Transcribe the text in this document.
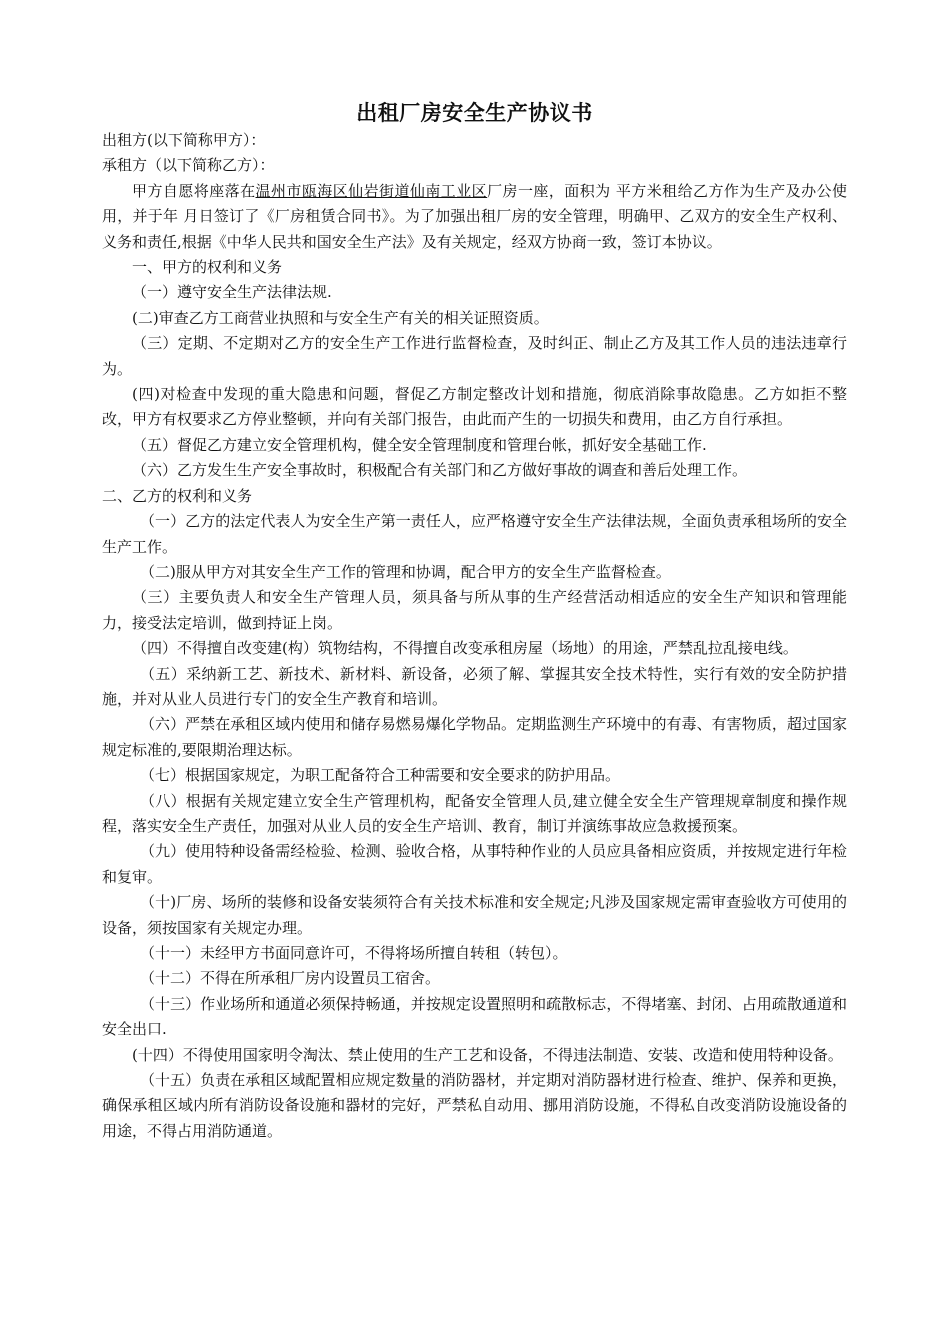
出租厂房安全生产协议书

出租方(以下简称甲方）：

承租方（以下简称乙方）：

甲方自愿将座落在温州市瓯海区仙岩街道仙南工业区厂房一座，面积为 平方米租给乙方作为生产及办公使用，并于年 月日签订了《厂房租赁合同书》。为了加强出租厂房的安全管理，明确甲、乙双方的安全生产权利、义务和责任,根据《中华人民共和国安全生产法》及有关规定，经双方协商一致，签订本协议。

一、甲方的权利和义务

（一）遵守安全生产法律法规.

(二)审查乙方工商营业执照和与安全生产有关的相关证照资质。

（三）定期、不定期对乙方的安全生产工作进行监督检查，及时纠正、制止乙方及其工作人员的违法违章行为。

(四)对检查中发现的重大隐患和问题，督促乙方制定整改计划和措施，彻底消除事故隐患。乙方如拒不整改，甲方有权要求乙方停业整顿，并向有关部门报告，由此而产生的一切损失和费用，由乙方自行承担。

（五）督促乙方建立安全管理机构，健全安全管理制度和管理台帐，抓好安全基础工作.

（六）乙方发生生产安全事故时，积极配合有关部门和乙方做好事故的调查和善后处理工作。

二、乙方的权利和义务

（一）乙方的法定代表人为安全生产第一责任人，应严格遵守安全生产法律法规，全面负责承租场所的安全生产工作。

（二)服从甲方对其安全生产工作的管理和协调，配合甲方的安全生产监督检查。

（三）主要负责人和安全生产管理人员，须具备与所从事的生产经营活动相适应的安全生产知识和管理能力，接受法定培训，做到持证上岗。

（四）不得擅自改变建(构）筑物结构，不得擅自改变承租房屋（场地）的用途，严禁乱拉乱接电线。

（五）采纳新工艺、新技术、新材料、新设备，必须了解、掌握其安全技术特性，实行有效的安全防护措施，并对从业人员进行专门的安全生产教育和培训。

（六）严禁在承租区域内使用和储存易燃易爆化学物品。定期监测生产环境中的有毒、有害物质，超过国家规定标准的,要限期治理达标。

（七）根据国家规定，为职工配备符合工种需要和安全要求的防护用品。

（八）根据有关规定建立安全生产管理机构，配备安全管理人员,建立健全安全生产管理规章制度和操作规程，落实安全生产责任，加强对从业人员的安全生产培训、教育，制订并演练事故应急救援预案。

（九）使用特种设备需经检验、检测、验收合格，从事特种作业的人员应具备相应资质，并按规定进行年检和复审。

（十)厂房、场所的装修和设备安装须符合有关技术标准和安全规定;凡涉及国家规定需审查验收方可使用的设备，须按国家有关规定办理。

（十一）未经甲方书面同意许可，不得将场所擅自转租（转包）。

（十二）不得在所承租厂房内设置员工宿舍。

（十三）作业场所和通道必须保持畅通，并按规定设置照明和疏散标志，不得堵塞、封闭、占用疏散通道和安全出口.

(十四）不得使用国家明令淘汰、禁止使用的生产工艺和设备，不得违法制造、安装、改造和使用特种设备。

（十五）负责在承租区域配置相应规定数量的消防器材，并定期对消防器材进行检查、维护、保养和更换，确保承租区域内所有消防设备设施和器材的完好，严禁私自动用、挪用消防设施，不得私自改变消防设施设备的用途，不得占用消防通道。
